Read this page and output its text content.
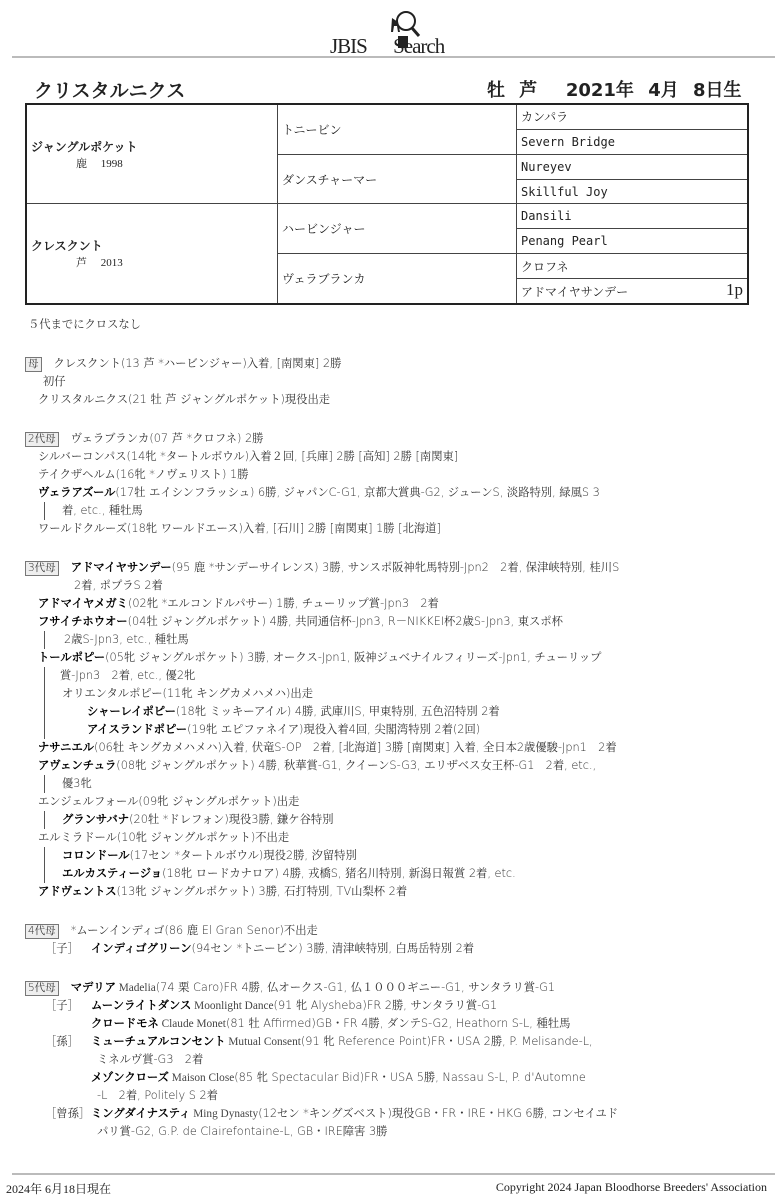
JBIS Search
クリスタルニクス	牡 芦 2021年 4月 8日生
ジャングルポケット
鹿 1998	トニービン	カンパラ
		Severn Bridge
	ダンスチャーマー	Nureyev
		Skillful Joy

クレスクント
芦 2013	ハービンジャー	Dansili
		Penang Pearl
	ヴェラブランカ	クロフネ
		アドマイヤサンデー 1p
５代までにクロスなし
母 クレスクント(13 芦 *ハービンジャー)入着, [南関東] 2勝
初仔
クリスタルニクス(21 牡 芦 ジャングルポケット)現役出走
2代母 ヴェラブランカ(07 芦 *クロフネ) 2勝
シルバーコンパス(14牝 *タートルボウル)入着２回, [兵庫] 2勝 [高知] 2勝 [南関東]
テイクザヘルム(16牝 *ノヴェリスト) 1勝
ヴェラアズール(17牡 エイシンフラッシュ) 6勝, ジャパンC-G1, 京都大賞典-G2, ジューンS, 淡路特別, 緑風S 3
着, etc., 種牡馬
ワールドクルーズ(18牝 ワールドエース)入着, [石川] 2勝 [南関東] 1勝 [北海道]
3代母 アドマイヤサンデー(95 鹿 *サンデーサイレンス) 3勝, サンスポ阪神牝馬特別-Jpn2　2着, 保津峡特別, 桂川S
2着, ポプラS 2着
アドマイヤメガミ(02牝 *エルコンドルパサー) 1勝, チューリップ賞-Jpn3　2着
フサイチホウオー(04牡 ジャングルポケット) 4勝, 共同通信杯-Jpn3, R－NIKKEI杯2歳S-Jpn3, 東スポ杯
2歳S-Jpn3, etc., 種牡馬
トールポピー(05牝 ジャングルポケット) 3勝, オークス-Jpn1, 阪神ジュベナイルフィリーズ-Jpn1, チューリップ
賞-Jpn3　2着, etc., 優2牝
オリエンタルポピー(11牝 キングカメハメハ)出走
シャーレイポピー(18牝 ミッキーアイル) 4勝, 武庫川S, 甲東特別, 五色沼特別 2着
アイスランドポピー(19牝 エピファネイア)現役入着4回, 尖閣湾特別 2着(2回)
ナサニエル(06牡 キングカメハメハ)入着, 伏竜S-OP　2着, [北海道] 3勝 [南関東] 入着, 全日本2歳優駿-Jpn1　2着
アヴェンチュラ(08牝 ジャングルポケット) 4勝, 秋華賞-G1, クイーンS-G3, エリザベス女王杯-G1　2着, etc.,
優3牝
エンジェルフォール(09牝 ジャングルポケット)出走
グランサバナ(20牡 *ドレフォン)現役3勝, 鎌ケ谷特別
エルミラドール(10牝 ジャングルポケット)不出走
コロンドール(17セン *タートルボウル)現役2勝, 汐留特別
エルカスティージョ(18牝 ロードカナロア) 4勝, 戎橋S, 猪名川特別, 新潟日報賞 2着, etc.
アドヴェントス(13牝 ジャングルポケット) 3勝, 石打特別, TV山梨杯 2着
4代母 *ムーンインディゴ(86 鹿 El Gran Senor)不出走
［子］ インディゴグリーン(94セン *トニービン) 3勝, 清津峡特別, 白馬岳特別 2着
5代母 マデリア Madelia(74 栗 Caro)FR 4勝, 仏オークス-G1, 仏１０００ギニー-G1, サンタラリ賞-G1
［子］ ムーンライトダンス Moonlight Dance(91 牝 Alysheba)FR 2勝, サンタラリ賞-G1
クロードモネ Claude Monet(81 牡 Affirmed)GB・FR 4勝, ダンテS-G2, Heathorn S-L, 種牡馬
［孫］ ミューチュアルコンセント Mutual Consent(91 牝 Reference Point)FR・USA 2勝, P. Melisande-L,
ミネルヴ賞-G3　2着
メゾンクローズ Maison Close(85 牝 Spectacular Bid)FR・USA 5勝, Nassau S-L, P. d'Automne
-L　2着, Politely S 2着
［曾孫］ミングダイナスティ Ming Dynasty(12セン *キングズベスト)現役GB・FR・IRE・HKG 6勝, コンセイユド
パリ賞-G2, G.P. de Clairefontaine-L, GB・IRE障害 3勝
2024年 6月18日現在	Copyright 2024 Japan Bloodhorse Breeders' Association
